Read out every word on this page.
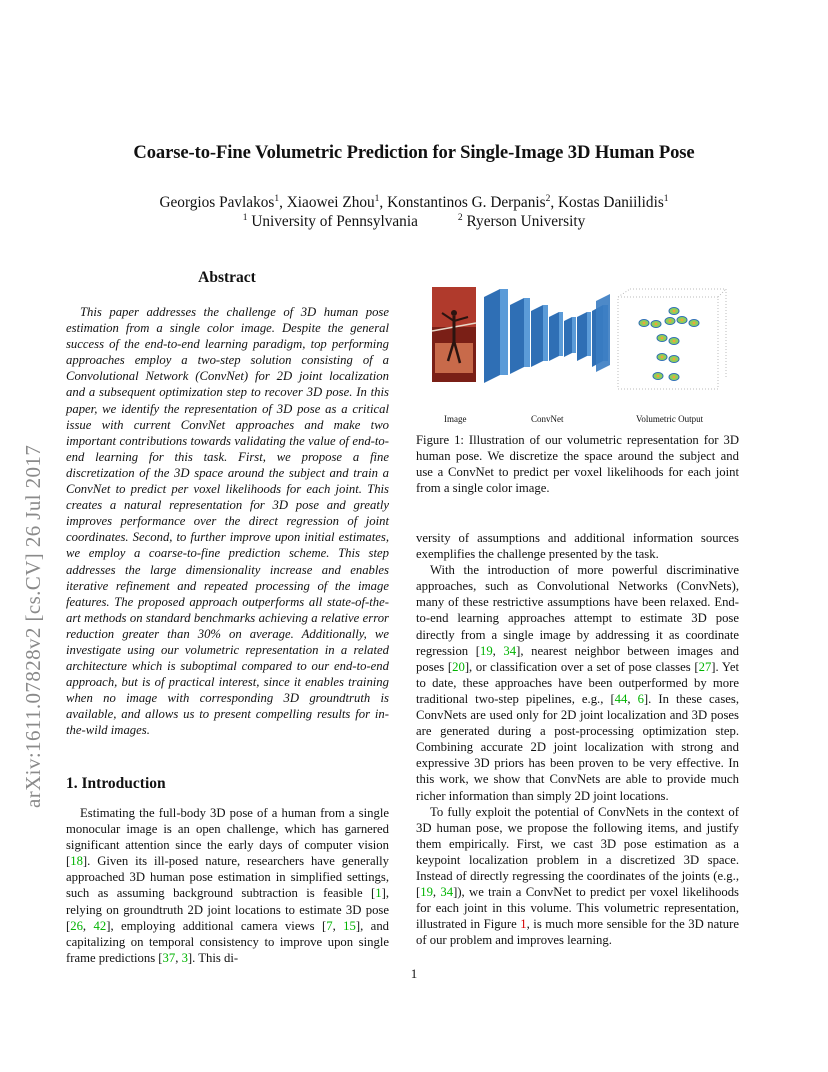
arXiv:1611.07828v2 [cs.CV] 26 Jul 2017
Coarse-to-Fine Volumetric Prediction for Single-Image 3D Human Pose
Georgios Pavlakos$^1$, Xiaowei Zhou$^1$, Konstantinos G. Derpanis$^2$, Kostas Daniilidis$^1$
$^1$ University of Pennsylvania	$^2$ Ryerson University
Abstract

This paper addresses the challenge of 3D human pose estimation from a single color image. Despite the general success of the end-to-end learning paradigm, top performing approaches employ a two-step solution consisting of a Convolutional Network (ConvNet) for 2D joint localization and a subsequent optimization step to recover 3D pose. In this paper, we identify the representation of 3D pose as a critical issue with current ConvNet approaches and make two important contributions towards validating the value of end-to-end learning for this task. First, we propose a fine discretization of the 3D space around the subject and train a ConvNet to predict per voxel likelihoods for each joint. This creates a natural representation for 3D pose and greatly improves performance over the direct regression of joint coordinates. Second, to further improve upon initial estimates, we employ a coarse-to-fine prediction scheme. This step addresses the large dimensionality increase and enables iterative refinement and repeated processing of the image features. The proposed approach outperforms all state-of-the-art methods on standard benchmarks achieving a relative error reduction greater than 30% on average. Additionally, we investigate using our volumetric representation in a related architecture which is suboptimal compared to our end-to-end approach, but is of practical interest, since it enables training when no image with corresponding 3D groundtruth is available, and allows us to present compelling results for in-the-wild images.

1. Introduction

Estimating the full-body 3D pose of a human from a single monocular image is an open challenge, which has garnered significant attention since the early days of computer vision [18]. Given its ill-posed nature, researchers have generally approached 3D human pose estimation in simplified settings, such as assuming background subtraction is feasible [1], relying on groundtruth 2D joint locations to estimate 3D pose [26, 42], employing additional camera views [7, 15], and capitalizing on temporal consistency to improve upon single frame predictions [37, 3]. This di-

Image	ConvNet	Volumetric Output
Figure 1: Illustration of our volumetric representation for 3D human pose. We discretize the space around the subject and use a ConvNet to predict per voxel likelihoods for each joint from a single color image.

versity of assumptions and additional information sources exemplifies the challenge presented by the task.

With the introduction of more powerful discriminative approaches, such as Convolutional Networks (ConvNets), many of these restrictive assumptions have been relaxed. End-to-end learning approaches attempt to estimate 3D pose directly from a single image by addressing it as coordinate regression [19, 34], nearest neighbor between images and poses [20], or classification over a set of pose classes [27]. Yet to date, these approaches have been outperformed by more traditional two-step pipelines, e.g., [44, 6]. In these cases, ConvNets are used only for 2D joint localization and 3D poses are generated during a post-processing optimization step. Combining accurate 2D joint localization with strong and expressive 3D priors has been proven to be very effective. In this work, we show that ConvNets are able to provide much richer information than simply 2D joint locations.

To fully exploit the potential of ConvNets in the context of 3D human pose, we propose the following items, and justify them empirically. First, we cast 3D pose estimation as a keypoint localization problem in a discretized 3D space. Instead of directly regressing the coordinates of the joints (e.g., [19, 34]), we train a ConvNet to predict per voxel likelihoods for each joint in this volume. This volumetric representation, illustrated in Figure 1, is much more sensible for the 3D nature of our problem and improves learning.

1
